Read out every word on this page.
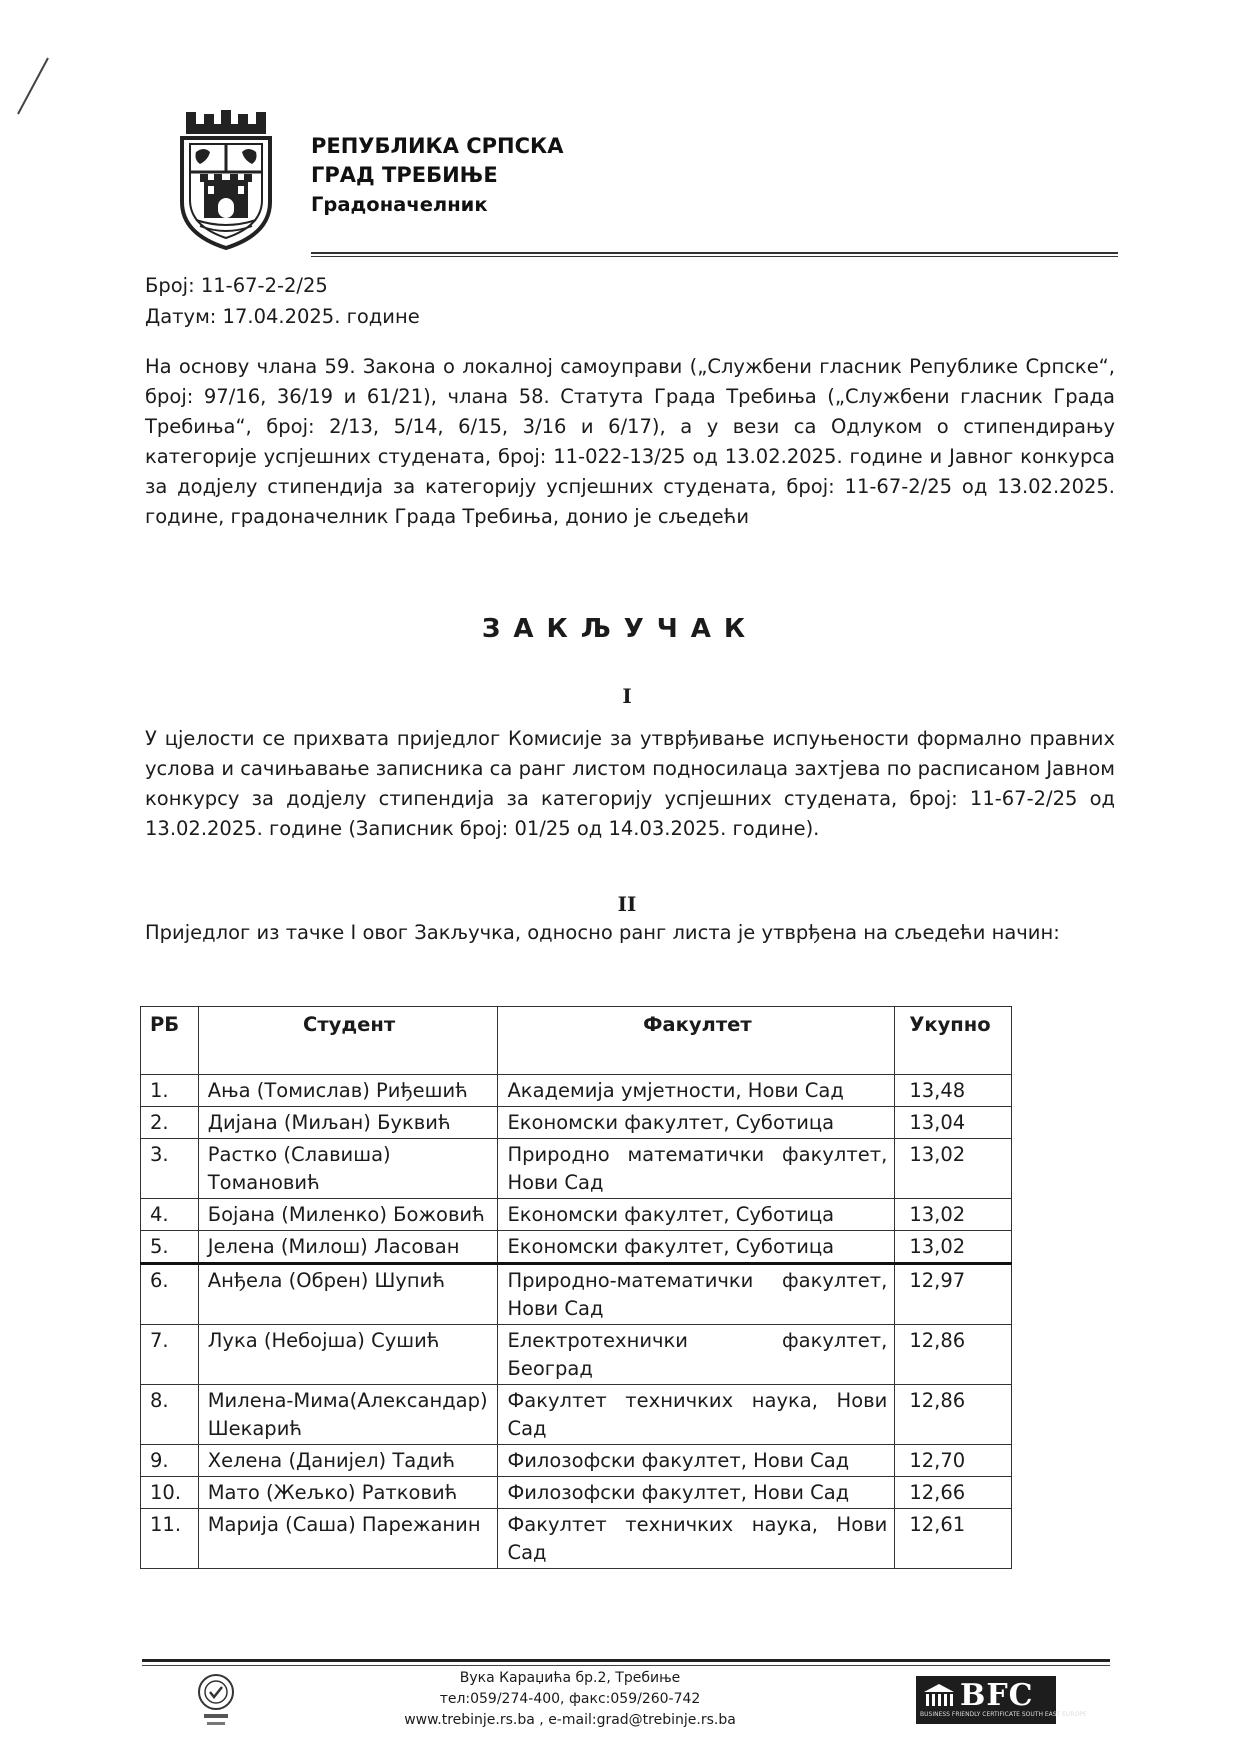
РЕПУБЛИКА СРПСКА
ГРАД ТРЕБИЊЕ
Градоначелник
Број: 11-67-2-2/25
Датум: 17.04.2025. године
На основу члана 59. Закона о локалној самоуправи („Службени гласник Републике Српске“, број: 97/16, 36/19 и 61/21), члана 58. Статута Града Требиња („Службени гласник Града Требиња“, број: 2/13, 5/14, 6/15, 3/16 и 6/17), а у вези са Одлуком о стипендирању категорије успјешних студената, број: 11-022-13/25 од 13.02.2025. године и Јавног конкурса за додјелу стипендија за категорију успјешних студената, број: 11-67-2/25 од 13.02.2025. године, градоначелник Града Требиња, донио је сљедећи
ЗАКЉУЧАК
I
У цјелости се прихвата приједлог Комисије за утврђивање испуњености формално правних услова и сачињавање записника са ранг листом подносилаца захтјева по расписаном Јавном конкурсу за додјелу стипендија за категорију успјешних студената, број: 11-67-2/25 од 13.02.2025. године (Записник број: 01/25 од 14.03.2025. године).
II
Приједлог из тачке I овог Закључка, односно ранг листа је утврђена на сљедећи начин:
РБ	Студент	Факултет	Укупно
1.	Ања (Томислав) Риђешић	Академија умјетности, Нови Сад	13,48
2.	Дијана (Миљан) Буквић	Економски факултет, Суботица	13,04
3.	Растко (Славиша) Томановић	Природно математички факултет, Нови Сад	13,02
4.	Бојана (Миленко) Божовић	Економски факултет, Суботица	13,02
5.	Јелена (Милош) Ласован	Економски факултет, Суботица	13,02
6.	Анђела (Обрен) Шупић	Природно-математички факултет, Нови Сад	12,97
7.	Лука (Небојша) Сушић	Електротехнички факултет, Београд	12,86
8.	Милена-Мима(Александар) Шекарић	Факултет техничких наука, Нови Сад	12,86
9.	Хелена (Данијел) Тадић	Филозофски факултет, Нови Сад	12,70
10.	Мато (Жељко) Ратковић	Филозофски факултет, Нови Сад	12,66
11.	Марија (Саша) Парежанин	Факултет техничких наука, Нови Сад	12,61
Вука Караџића бр.2, Требиње
тел:059/274-400, факс:059/260-742
www.trebinje.rs.ba , e-mail:grad@trebinje.rs.ba
BFC
BUSINESS FRIENDLY CERTIFICATE SOUTH EAST EUROPE
